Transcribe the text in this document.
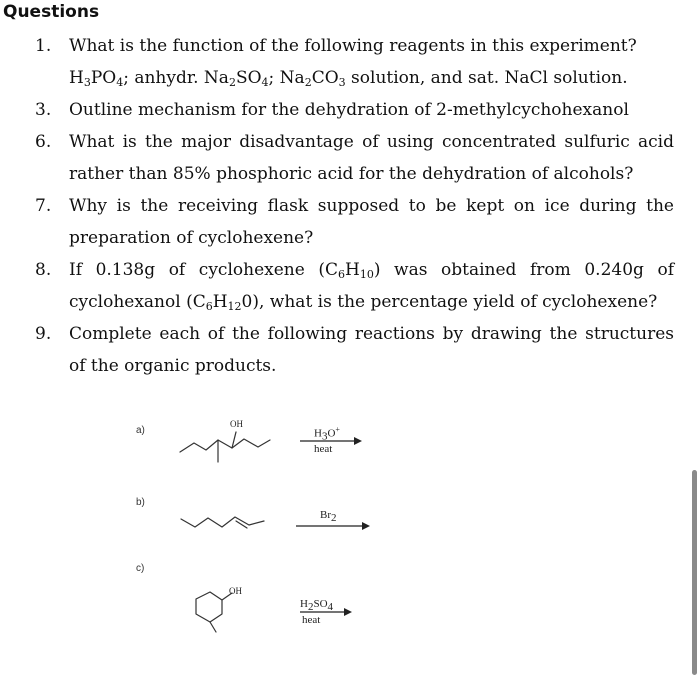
Questions
1. What is the function of the following reagents in this experiment?
$H_3PO_4$; anhydr. $Na_2SO_4$; $Na_2CO_3$ solution, and sat. NaCl solution.
3. Outline mechanism for the dehydration of 2-methylcychohexanol
6. What is the major disadvantage of using concentrated sulfuric acid
rather than 85% phosphoric acid for the dehydration of alcohols?
7. Why is the receiving flask supposed to be kept on ice during the
preparation of cyclohexene?
8. If 0.138g of cyclohexene $(C_6H_{10})$ was obtained from 0.240g of
cyclohexanol $(C_6H_{12}0)$, what is the percentage yield of cyclohexene?
9. Complete each of the following reactions by drawing the structures
of the organic products.
a)
b)
c)
OH
OH
$H_3O^+$
heat
$Br_2$
$H_2SO_4$
heat
